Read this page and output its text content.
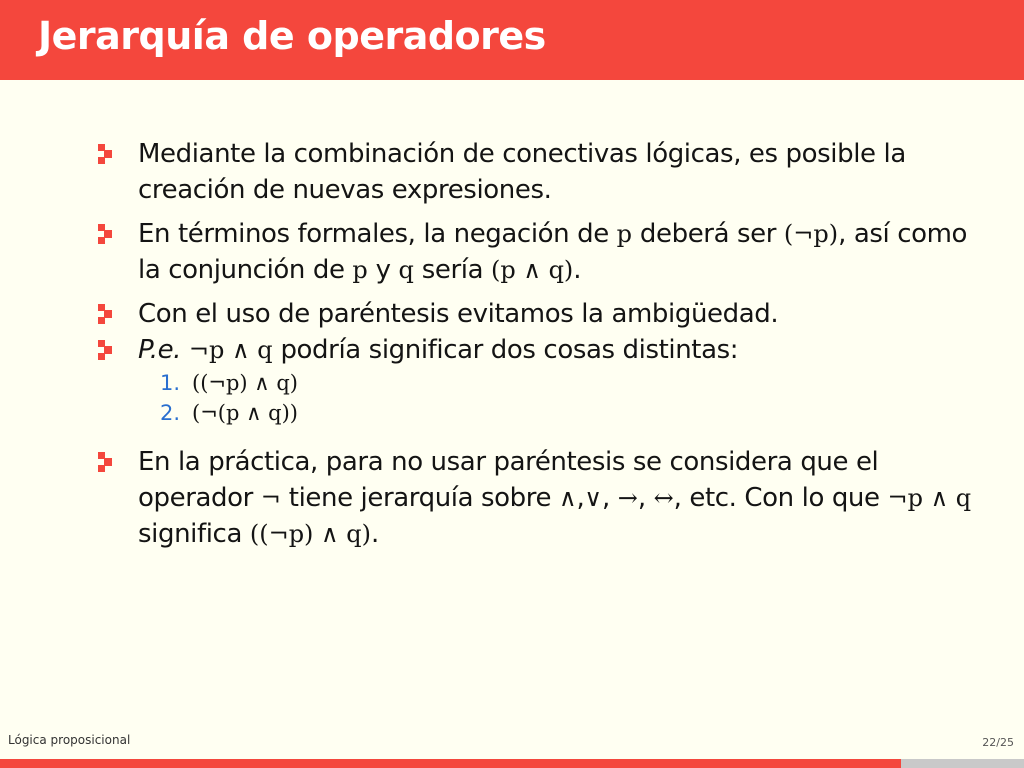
Jerarquía de operadores
Mediante la combinación de conectivas lógicas, es posible la creación de nuevas expresiones.
En términos formales, la negación de p deberá ser (¬p), así como la conjunción de p y q sería (p ∧ q).
Con el uso de paréntesis evitamos la ambigüedad.
P.e. ¬p ∧ q podría significar dos cosas distintas:
1. ((¬p) ∧ q)
2. (¬(p ∧ q))
En la práctica, para no usar paréntesis se considera que el operador ¬ tiene jerarquía sobre ∧,∨, →, ↔, etc. Con lo que ¬p ∧ q significa ((¬p) ∧ q).
Lógica proposicional	22/25
